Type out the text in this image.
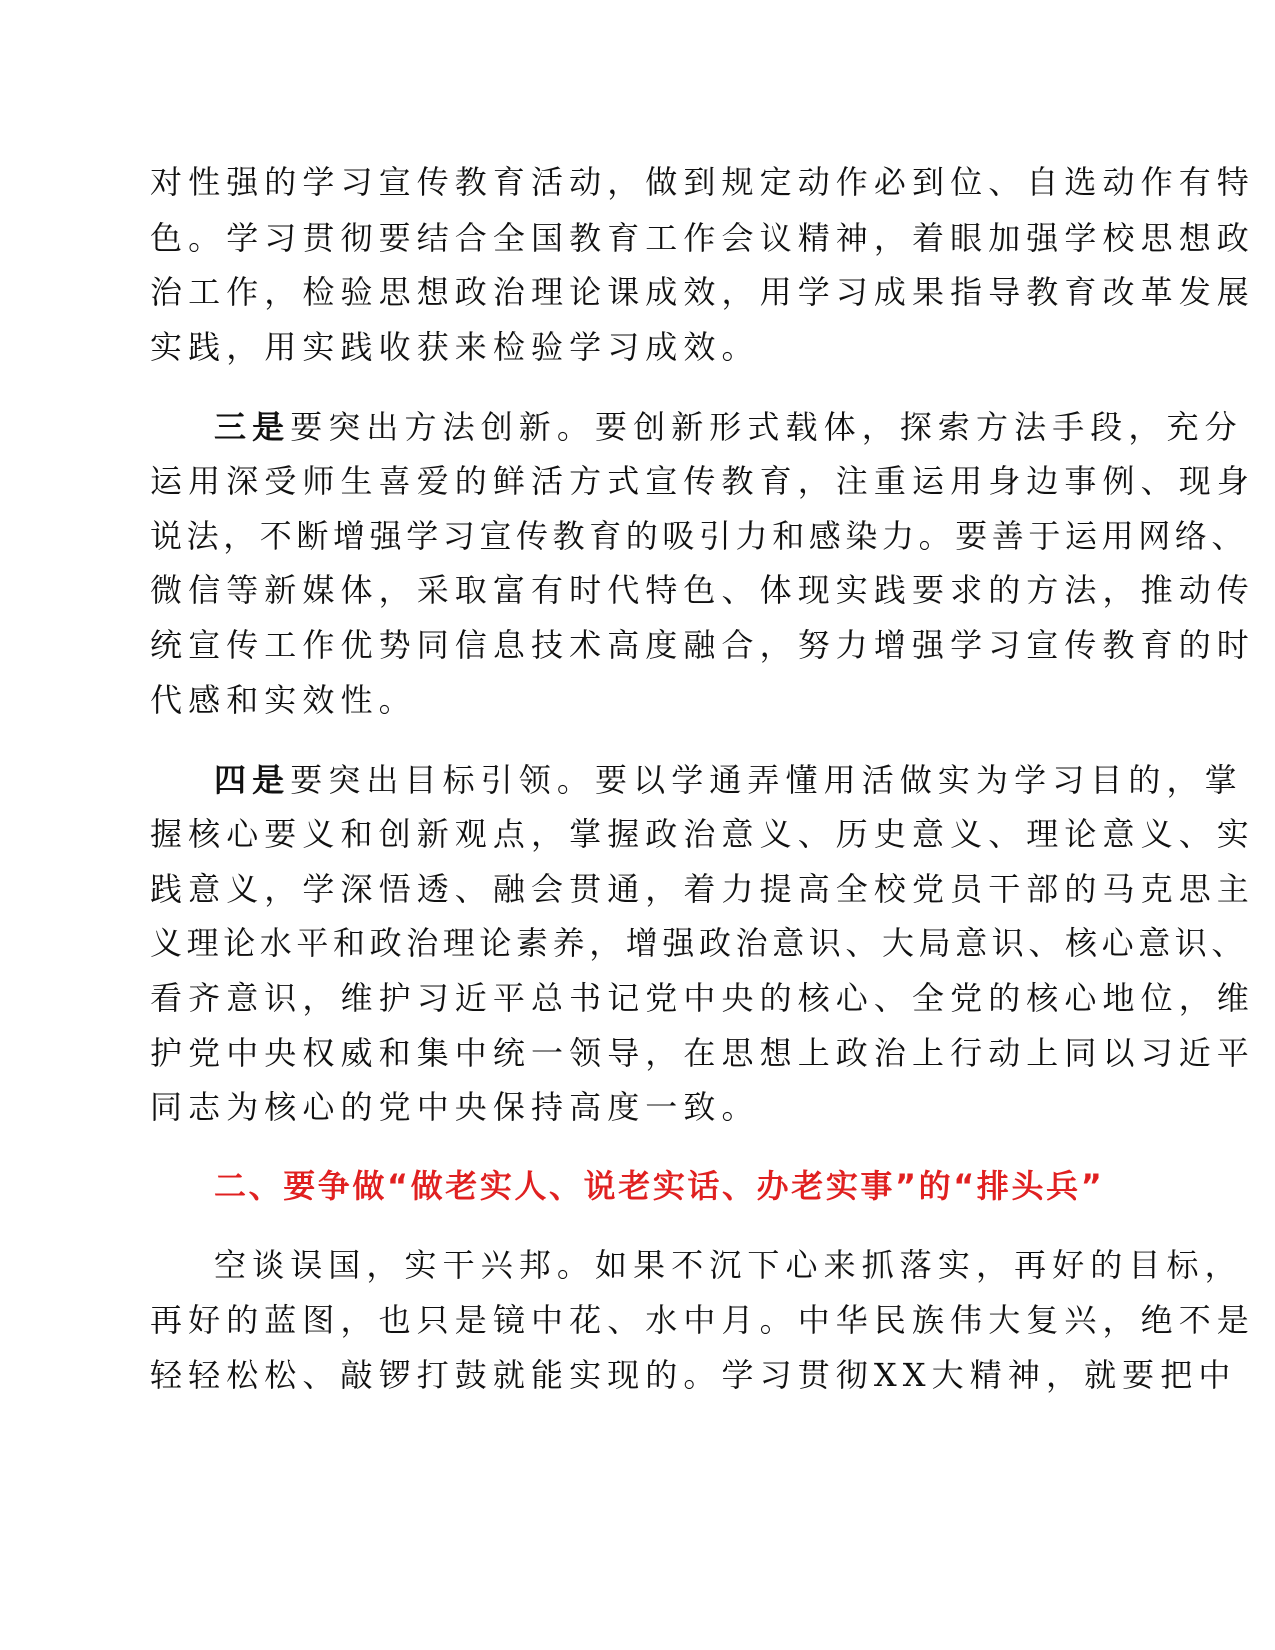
对性强的学习宣传教育活动，做到规定动作必到位、自选动作有特
色。学习贯彻要结合全国教育工作会议精神，着眼加强学校思想政
治工作，检验思想政治理论课成效，用学习成果指导教育改革发展
实践，用实践收获来检验学习成效。
三是要突出方法创新。要创新形式载体，探索方法手段，充分
运用深受师生喜爱的鲜活方式宣传教育，注重运用身边事例、现身
说法，不断增强学习宣传教育的吸引力和感染力。要善于运用网络、
微信等新媒体，采取富有时代特色、体现实践要求的方法，推动传
统宣传工作优势同信息技术高度融合，努力增强学习宣传教育的时
代感和实效性。
四是要突出目标引领。要以学通弄懂用活做实为学习目的，掌
握核心要义和创新观点，掌握政治意义、历史意义、理论意义、实
践意义，学深悟透、融会贯通，着力提高全校党员干部的马克思主
义理论水平和政治理论素养，增强政治意识、大局意识、核心意识、
看齐意识，维护习近平总书记党中央的核心、全党的核心地位，维
护党中央权威和集中统一领导，在思想上政治上行动上同以习近平
同志为核心的党中央保持高度一致。
二、要争做“做老实人、说老实话、办老实事”的“排头兵”
空谈误国，实干兴邦。如果不沉下心来抓落实，再好的目标，
再好的蓝图，也只是镜中花、水中月。中华民族伟大复兴，绝不是
轻轻松松、敲锣打鼓就能实现的。学习贯彻XX大精神，就要把中
